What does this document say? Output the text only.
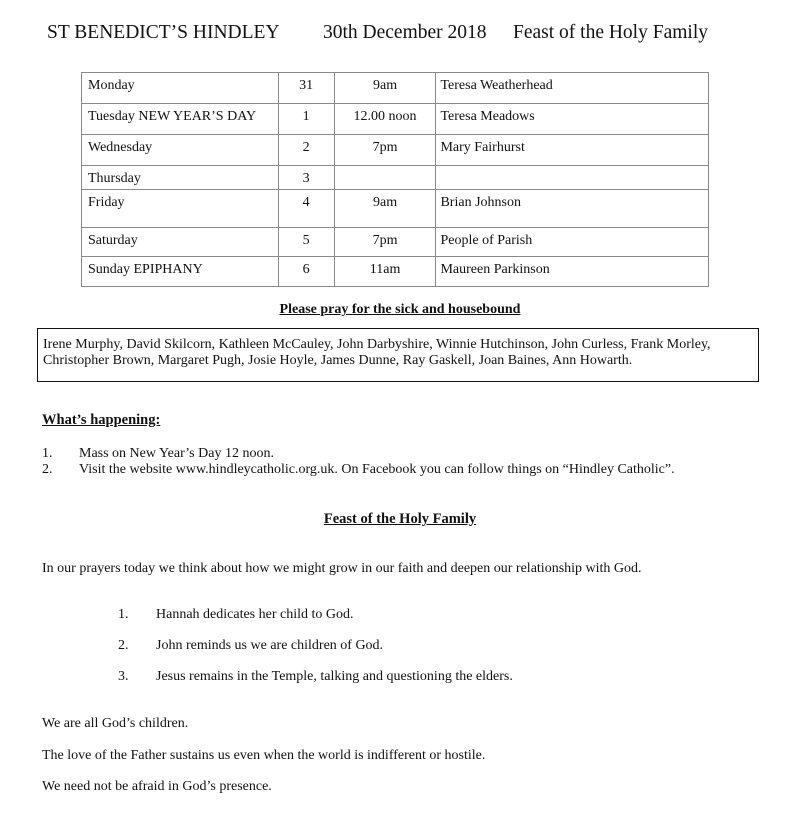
ST BENEDICT’S HINDLEY 30th December 2018 Feast of the Holy Family
Monday	31	9am	Teresa Weatherhead
Tuesday NEW YEAR’S DAY	1	12.00 noon	Teresa Meadows
Wednesday	2	7pm	Mary Fairhurst
Thursday	3		
Friday	4	9am	Brian Johnson
Saturday	5	7pm	People of Parish
Sunday EPIPHANY	6	11am	Maureen Parkinson
Please pray for the sick and housebound
Irene Murphy, David Skilcorn, Kathleen McCauley, John Darbyshire, Winnie Hutchinson, John Curless, Frank Morley, Christopher Brown, Margaret Pugh, Josie Hoyle, James Dunne, Ray Gaskell, Joan Baines, Ann Howarth.
What’s happening:
1.	Mass on New Year’s Day 12 noon.
2.	Visit the website www.hindleycatholic.org.uk. On Facebook you can follow things on “Hindley Catholic”.
Feast of the Holy Family
In our prayers today we think about how we might grow in our faith and deepen our relationship with God.
1.	Hannah dedicates her child to God.
2.	John reminds us we are children of God.
3.	Jesus remains in the Temple, talking and questioning the elders.
We are all God’s children.
The love of the Father sustains us even when the world is indifferent or hostile.
We need not be afraid in God’s presence.
